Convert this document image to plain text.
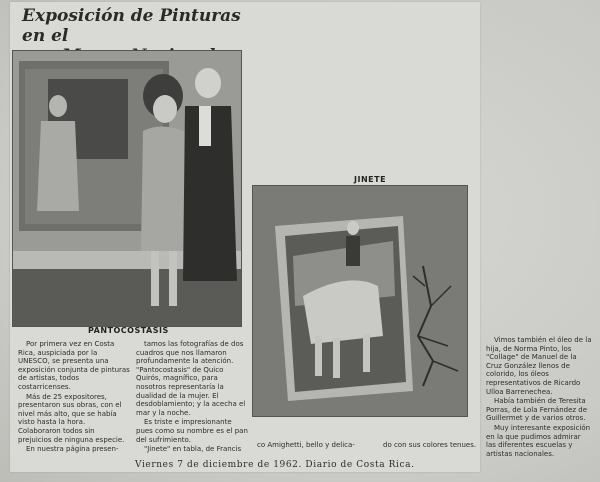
Exposición de Pinturas en el
PANTOCOSTASIS
JINETE

Por primera vez en Costa Rica, auspiciada por la UNESCO, se presenta una exposición conjunta de pinturas de artistas, todos costarricenses.

Más de 25 expositores, presentaron sus obras, con el nivel más alto, que se había visto hasta la hora. Colaboraron todos sin prejuicios de ninguna especie.

En nuestra página presen-

tamos las fotografías de dos cuadros que nos llamaron profundamente la atención. "Pantocostasis" de Quico Quirós, magnífico, para nosotros representaría la dualidad de la mujer. El desdoblamiento; y la acecha el mar y la noche.

Es triste e impresionante pues como su nombre es el pan del sufrimiento.

"Jinete" en tabla, de Francis

co Amighetti, bello y delica-	do con sus colores tenues.

Vimos también el óleo de la hija, de Norma Pinto, los "Collage" de Manuel de la Cruz González llenos de colorido, los óleos representativos de Ricardo Ulloa Barrenechea.

Había también de Teresita Porras, de Lola Fernández de Guillermet y de varios otros.

Muy interesante exposición en la que pudimos admirar las diferentes escuelas y artistas nacionales.

Viernes 7 de diciembre de 1962. Diario de Costa Rica.
